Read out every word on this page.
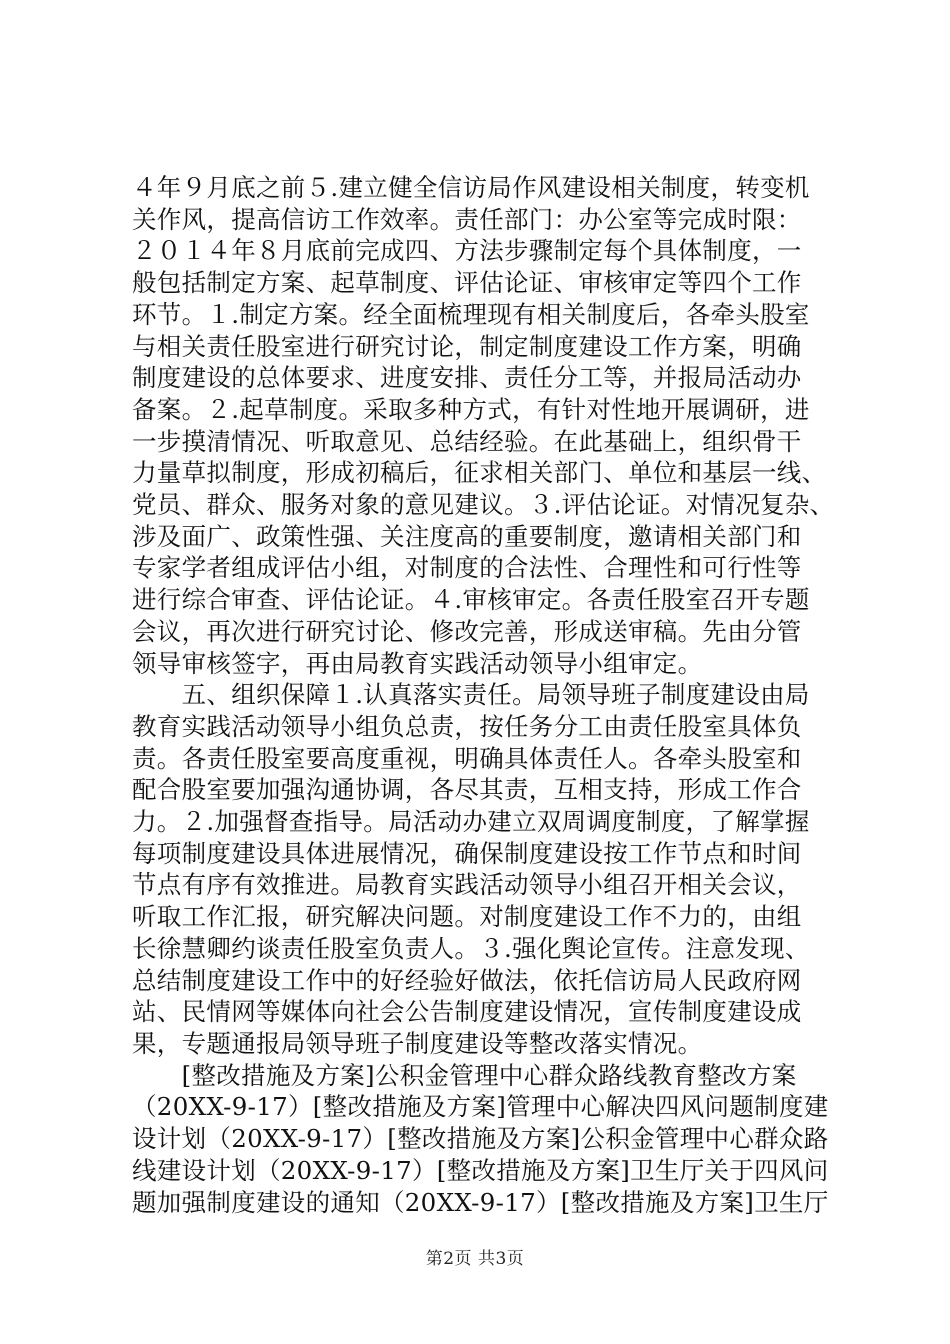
４年９月底之前５.建立健全信访局作风建设相关制度，转变机
关作风，提高信访工作效率。责任部门：办公室等完成时限：
２０１４年８月底前完成四、方法步骤制定每个具体制度，一
般包括制定方案、起草制度、评估论证、审核审定等四个工作
环节。１.制定方案。经全面梳理现有相关制度后，各牵头股室
与相关责任股室进行研究讨论，制定制度建设工作方案，明确
制度建设的总体要求、进度安排、责任分工等，并报局活动办
备案。２.起草制度。采取多种方式，有针对性地开展调研，进
一步摸清情况、听取意见、总结经验。在此基础上，组织骨干
力量草拟制度，形成初稿后，征求相关部门、单位和基层一线、
党员、群众、服务对象的意见建议。３.评估论证。对情况复杂、
涉及面广、政策性强、关注度高的重要制度，邀请相关部门和
专家学者组成评估小组，对制度的合法性、合理性和可行性等
进行综合审查、评估论证。４.审核审定。各责任股室召开专题
会议，再次进行研究讨论、修改完善，形成送审稿。先由分管
领导审核签字，再由局教育实践活动领导小组审定。
　　五、组织保障１.认真落实责任。局领导班子制度建设由局
教育实践活动领导小组负总责，按任务分工由责任股室具体负
责。各责任股室要高度重视，明确具体责任人。各牵头股室和
配合股室要加强沟通协调，各尽其责，互相支持，形成工作合
力。２.加强督查指导。局活动办建立双周调度制度，了解掌握
每项制度建设具体进展情况，确保制度建设按工作节点和时间
节点有序有效推进。局教育实践活动领导小组召开相关会议，
听取工作汇报，研究解决问题。对制度建设工作不力的，由组
长徐慧卿约谈责任股室负责人。３.强化舆论宣传。注意发现、
总结制度建设工作中的好经验好做法，依托信访局人民政府网
站、民情网等媒体向社会公告制度建设情况，宣传制度建设成
果，专题通报局领导班子制度建设等整改落实情况。
　　[整改措施及方案]公积金管理中心群众路线教育整改方案
（20XX-9-17）[整改措施及方案]管理中心解决四风问题制度建
设计划（20XX-9-17）[整改措施及方案]公积金管理中心群众路
线建设计划（20XX-9-17）[整改措施及方案]卫生厅关于四风问
题加强制度建设的通知（20XX-9-17）[整改措施及方案]卫生厅
第2页 共3页
